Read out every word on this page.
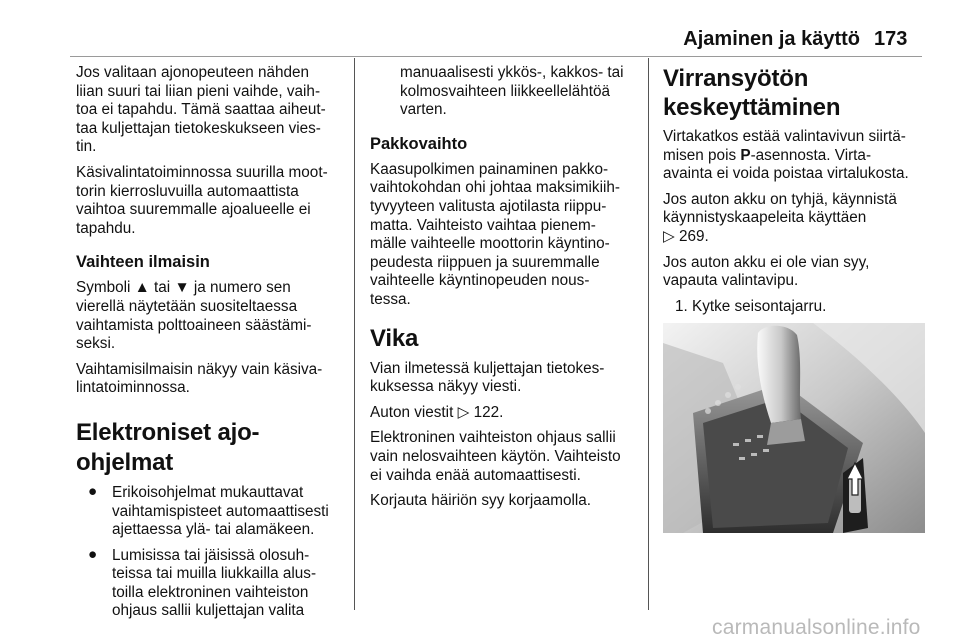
Ajaminen ja käyttö 173

Jos valitaan ajonopeuteen nähden
liian suuri tai liian pieni vaihde, vaih-
toa ei tapahdu. Tämä saattaa aiheut-
taa kuljettajan tietokeskukseen vies-
tin.

Käsivalintatoiminnossa suurilla moot-
torin kierrosluvuilla automaattista
vaihtoa suuremmalle ajoalueelle ei
tapahdu.

Vaihteen ilmaisin

Symboli ▲ tai ▼ ja numero sen
vierellä näytetään suositeltaessa
vaihtamista polttoaineen säästämi-
seksi.

Vaihtamisilmaisin näkyy vain käsiva-
lintatoiminnossa.

Elektroniset ajo-ohjelmat
● Erikoisohjelmat mukauttavat
vaihtamispisteet automaattisesti
ajettaessa ylä- tai alamäkeen.
● Lumisissa tai jäisissä olosuh-
teissa tai muilla liukkailla alus-
toilla elektroninen vaihteiston
ohjaus sallii kuljettajan valita

manuaalisesti ykkös-, kakkos- tai
kolmosvaihteen liikkeellelähtöä
varten.

Pakkovaihto

Kaasupolkimen painaminen pakko-
vaihtokohdan ohi johtaa maksimikiih-
tyvyyteen valitusta ajotilasta riippu-
matta. Vaihteisto vaihtaa pienem-
mälle vaihteelle moottorin käyntino-
peudesta riippuen ja suuremmalle
vaihteelle käyntinopeuden nous-
tessa.

Vika

Vian ilmetessä kuljettajan tietokes-
kuksessa näkyy viesti.

Auton viestit ▷ 122.

Elektroninen vaihteiston ohjaus sallii
vain nelosvaihteen käytön. Vaihteisto
ei vaihda enää automaattisesti.

Korjauta häiriön syy korjaamolla.

Virransyötön
keskeyttäminen

Virtakatkos estää valintavivun siirtä-
misen pois P-asennosta. Virta-
avainta ei voida poistaa virtalukosta.

Jos auton akku on tyhjä, käynnistä
käynnistyskaapeleita käyttäen
▷ 269.

Jos auton akku ei ole vian syy,
vapauta valintavipu.

1. Kytke seisontajarru.

carmanualsonline.info
